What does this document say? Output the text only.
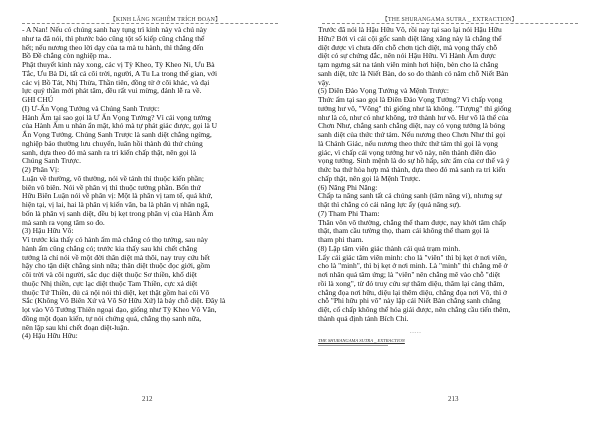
【KINH LĂNG NGHIÊM TRÍCH ĐOẠN】

- A Nan! Nếu có chúng sanh hay tụng trì kinh này và chú này

như ta đã nói, thì phước báo cũng tột số kiếp cũng chẳng thể

hết; nếu nương theo lời dạy của ta mà tu hành, thì thẳng đến

Bồ Đề chẳng còn nghiệp ma..

Phật thuyết kinh này xong, các vị Tỳ Kheo, Tỳ Kheo Ni, Ưu Bà

Tắc, Ưu Bà Di, tất cả cõi trời, người, A Tu La trong thế gian, với

các vị Bồ Tát, Nhị Thừa, Thần tiên, đồng tử ở cõi khác, và đại

lực quỷ thần mới phát tâm, đều rất vui mừng, đảnh lễ ra về.

GHI CHÚ

(I) Ư-Ấn Vọng Tưởng và Chúng Sanh Trược:

Hành Ấm tại sao gọi là Ư Ấn Vọng Tưởng? Vì cái vọng tưởng

của Hành Ấm u nhàn ẩn mật, khó mà tự phát giác được, gọi là U

Ẩn Vọng Tưởng. Chúng Sanh Trược là sanh diệt chẳng ngừng,

nghiệp báo thường lưu chuyển, luân hồi thành đủ thứ chúng

sanh, dựa theo đó mà sanh ra tri kiến chấp thật, nên gọi là

Chúng Sanh Trược.

(2) Phân Vị:

Luận về thường, vô thường, nói về tánh thì thuộc kiến phần;

biên vô biên. Nói về phân vị thì thuộc tướng phần. Bốn thứ

Hữu Biên Luận nói về phân vị: Một là phân vị tam tế, quá khứ,

hiện tại, vị lai, hai là phân vị kiến văn, ba là phân vị nhân ngã,

bốn là phân vị sanh diệt, đều bị kẹt trong phân vị của Hành Ấm

mà sanh ra vọng tâm so đo.

(3) Hậu Hữu Vô:

Vì trước kia thấy có hành ấm mà chẳng có thọ tưởng, sau này

hành ấm cũng chẳng có; trước kia thấy sau khi chết chẳng

tướng là chỉ nói về một đời thân diệt mà thôi, nay truy cứu hết

hậy cho tận diệt chẳng sinh nữa; thân diệt thuộc đọc giới, gồm

cõi trời và cõi người, sắc dục diệt thuộc Sơ thiền, khổ diệt

thuộc Nhị thiền, cực lạc diệt thuộc Tam Thiền, cực xả diệt

thuộc Tứ Thiền, đủ cả nội nói thì diệt, kẹt thật gồm hai cõi Vô

Sắc (Không Vô Biên Xứ và Vô Sở Hữu Xứ) là bảy chỗ diệt. Đây là

lọt vào Vô Tướng Thiên ngoại đạo, giống như Tỳ Kheo Vô Văn,

đồng một đọan kiến, tự nói chứng quả, chẳng thọ sanh nữa,

nên lập sau khi chết đoạn diệt-luận.

(4) Hậu Hữu Hữu:

212
【THE SHURANGAMA SUTRA _ EXTRACTION】

Trước đã nói là Hậu Hữu Vô, rồi nay tại sao lại nói Hậu Hữu

Hữu? Bởi vì cái cội gốc sanh diệt lăng xăng này là chẳng thể

diệt được vì chưa đến chỗ chơn tịch diệt, mà vọng thấy chỗ

diệt có sự chứng đắc, nên nói Hậu Hữu. Vì Hành Ấm được

tạm ngưng sát na tánh viên minh hơi hiện, bèn cho là chẳng

sanh diệt, tức là Niết Bàn, do so đo thành có năm chỗ Niết Bàn

vậy.

(5) Diên Đảo Vọng Tưởng và Mệnh Trược:

Thức ấm tại sao gọi là Điên Đảo Vọng Tưởng? Vì chấp vọng

tưởng hư vô, "Võng" thì giống như là không. "Tượng" thì giống

như là có, như có như không, trở thành hư vô. Hư vô là thể của

Chơn Như, chẳng sanh chẳng diệt, nay có vọng tưởng là bóng

sanh diệt của thức thứ tám. Nếu nương theo Chơn Như thì gọi

là Chánh Giác, nếu nương theo thức thứ tám thì gọi là vọng

giác, vì chấp cái vọng tưởng hư võ này, nên thành điên đảo

vọng tưởng. Sinh mệnh là do sự hồ hấp, sức ấm của cơ thể và ý

thức ba thứ hòa hợp mà thành, dựa theo đó mà sanh ra tri kiến

chấp thật, nên gọi là Mệnh Trược.

(6) Năng Phi Năng:

Chấp ta năng sanh tất cả chúng sanh (tâm năng vi), nhưng sự

thật thì chẳng có cái năng lực ấy (quả năng sự).

(7) Tham Phi Tham:

Thân võn võ thường, chẳng thể tham được, nay khởi tâm chấp

thật, tham cầu tường thọ, tham cái không thể tham gọi là

tham phi tham.

(8) Lập tâm viên giác thành cái quả trạm minh.

Lấy cái giác tâm viên minh: cho là "viên" thì bị kẹt ở nơi viên,

cho là "minh", thì bị kẹt ở nơi minh. Là "minh" thì chẳng mê ở

nơi nhân quả tâm ứng; là "viên" nên chẳng mê vào chỗ "diệt

rồi là xong", từ đó truy cứu sự thâm diệu, thâm lại càng thâm,

chẳng đọa nơi hữu, diệu lại thêm diệu, chẳng đọa nơi Vô, thì ở

chỗ "Phi hữu phi vô" này lập cái Niết Bàn chẳng sanh chẳng

diệt, cố chấp không thể hóa giải được, nên chẳng cầu tiến thêm,

thành quả định tánh Bích Chi.

- - - - -
THE SHURANGAMA SUTRA _ EXTRACTION
213
